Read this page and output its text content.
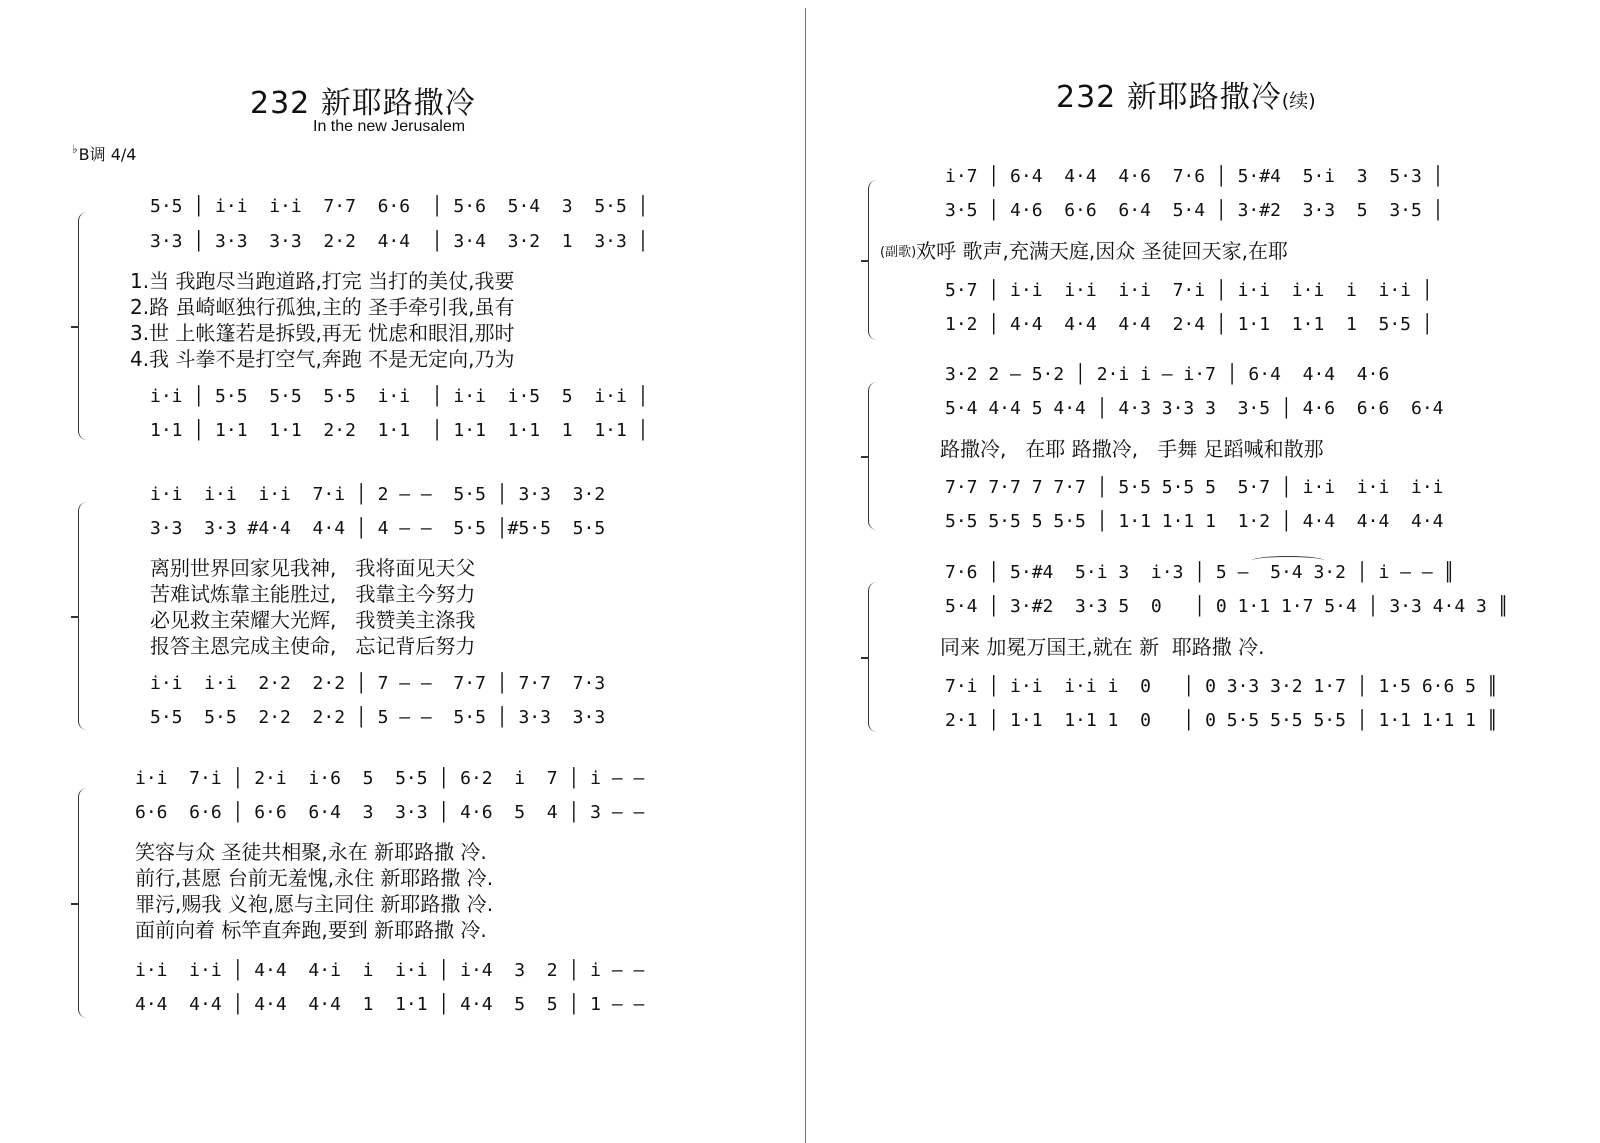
232 新耶路撒冷
In the new Jerusalem
♭B调 4/4
5·5 │ i·i  i·i  7·7  6·6  │ 5·6  5·4  3  5·5 │
3·3 │ 3·3  3·3  2·2  4·4  │ 3·4  3·2  1  3·3 │
1.当 我跑尽当跑道路,打完 当打的美仗,我要
2.路 虽崎岖独行孤独,主的 圣手牵引我,虽有
3.世 上帐篷若是拆毁,再无 忧虑和眼泪,那时
4.我 斗拳不是打空气,奔跑 不是无定向,乃为
i·i │ 5·5  5·5  5·5  i·i  │ i·i  i·5  5  i·i │
1·1 │ 1·1  1·1  2·2  1·1  │ 1·1  1·1  1  1·1 │
i·i  i·i  i·i  7·i │ 2 — —  5·5 │ 3·3  3·2
3·3  3·3 #4·4  4·4 │ 4 — —  5·5 │#5·5  5·5
离别世界回家见我神,   我将面见天父
苦难试炼靠主能胜过,   我靠主今努力
必见救主荣耀大光辉,   我赞美主涤我
报答主恩完成主使命,   忘记背后努力
i·i  i·i  2·2  2·2 │ 7 — —  7·7 │ 7·7  7·3
5·5  5·5  2·2  2·2 │ 5 — —  5·5 │ 3·3  3·3
i·i  7·i │ 2·i  i·6  5  5·5 │ 6·2  i  7 │ i — —
6·6  6·6 │ 6·6  6·4  3  3·3 │ 4·6  5  4 │ 3 — —
笑容与众 圣徒共相聚,永在 新耶路撒 冷.
前行,甚愿 台前无羞愧,永住 新耶路撒 冷.
罪污,赐我 义袍,愿与主同住 新耶路撒 冷.
面前向着 标竿直奔跑,要到 新耶路撒 冷.
i·i  i·i │ 4·4  4·i  i  i·i │ i·4  3  2 │ i — —
4·4  4·4 │ 4·4  4·4  1  1·1 │ 4·4  5  5 │ 1 — —
232 新耶路撒冷(续)
i·7 │ 6·4  4·4  4·6  7·6 │ 5·#4  5·i  3  5·3 │
3·5 │ 4·6  6·6  6·4  5·4 │ 3·#2  3·3  5  3·5 │
(副歌)欢呼 歌声,充满天庭,因众 圣徒回天家,在耶
5·7 │ i·i  i·i  i·i  7·i │ i·i  i·i  i  i·i │
1·2 │ 4·4  4·4  4·4  2·4 │ 1·1  1·1  1  5·5 │
3·2 2 — 5·2 │ 2·i i — i·7 │ 6·4  4·4  4·6
5·4 4·4 5 4·4 │ 4·3 3·3 3  3·5 │ 4·6  6·6  6·4
路撒冷,   在耶 路撒冷,   手舞 足蹈喊和散那
7·7 7·7 7 7·7 │ 5·5 5·5 5  5·7 │ i·i  i·i  i·i
5·5 5·5 5 5·5 │ 1·1 1·1 1  1·2 │ 4·4  4·4  4·4
7·6 │ 5·#4  5·i 3  i·3 │ 5 —  5·4 3·2 │ i — — ║
5·4 │ 3·#2  3·3 5  0   │ 0 1·1 1·7 5·4 │ 3·3 4·4 3 ║
同来 加冕万国王,就在 新  耶路撒 冷.
7·i │ i·i  i·i i  0   │ 0 3·3 3·2 1·7 │ 1·5 6·6 5 ║
2·1 │ 1·1  1·1 1  0   │ 0 5·5 5·5 5·5 │ 1·1 1·1 1 ║
